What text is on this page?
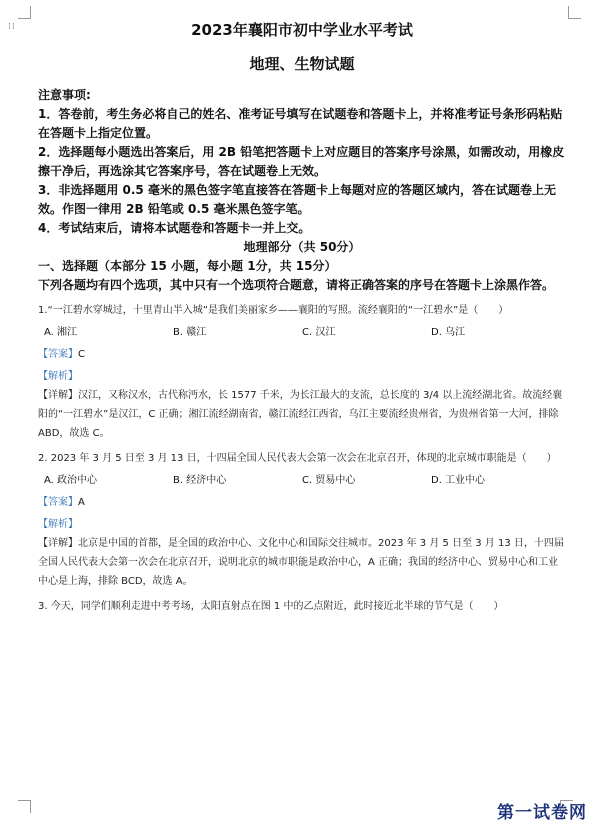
⁞⁞	2023年襄阳市初中学业水平考试
地理、生物试题
注意事项:

1．答卷前，考生务必将自己的姓名、准考证号填写在试题卷和答题卡上，并将准考证号条形码粘贴在答题卡上指定位置。

2．选择题每小题选出答案后，用 2B 铅笔把答题卡上对应题目的答案序号涂黑，如需改动，用橡皮擦干净后，再选涂其它答案序号，答在试题卷上无效。

3．非选择题用 0.5 毫米的黑色签字笔直接答在答题卡上每题对应的答题区域内，答在试题卷上无效。作图一律用 2B 铅笔或 0.5 毫米黑色签字笔。

4．考试结束后，请将本试题卷和答题卡一并上交。

地理部分（共 50分）

一、选择题（本部分 15 小题，每小题 1分，共 15分）

下列各题均有四个选项，其中只有一个选项符合题意，请将正确答案的序号在答题卡上涂黑作答。

1.“一江碧水穿城过，十里青山半入城”是我们美丽家乡——襄阳的写照。流经襄阳的“一江碧水”是（　　）

A. 湘江	B. 赣江	C. 汉江	D. 乌江
【答案】C
【解析】

【详解】汉江，又称汉水，古代称沔水，长 1577 千米，为长江最大的支流，总长度的 3/4 以上流经湖北省。故流经襄阳的“一江碧水”是汉江，C 正确；湘江流经湖南省，赣江流经江西省，乌江主要流经贵州省，为贵州省第一大河，排除 ABD，故选 C。

2. 2023 年 3 月 5 日至 3 月 13 日，十四届全国人民代表大会第一次会在北京召开，体现的北京城市职能是（　　）

A. 政治中心	B. 经济中心	C. 贸易中心	D. 工业中心
【答案】A
【解析】

【详解】北京是中国的首都，是全国的政治中心、文化中心和国际交往城市。2023 年 3 月 5 日至 3 月 13 日，十四届全国人民代表大会第一次会在北京召开，说明北京的城市职能是政治中心，A 正确；我国的经济中心、贸易中心和工业中心是上海，排除 BCD，故选 A。

3. 今天，同学们顺利走进中考考场，太阳直射点在图 1 中的乙点附近，此时接近北半球的节气是（　　）

第一试卷网
